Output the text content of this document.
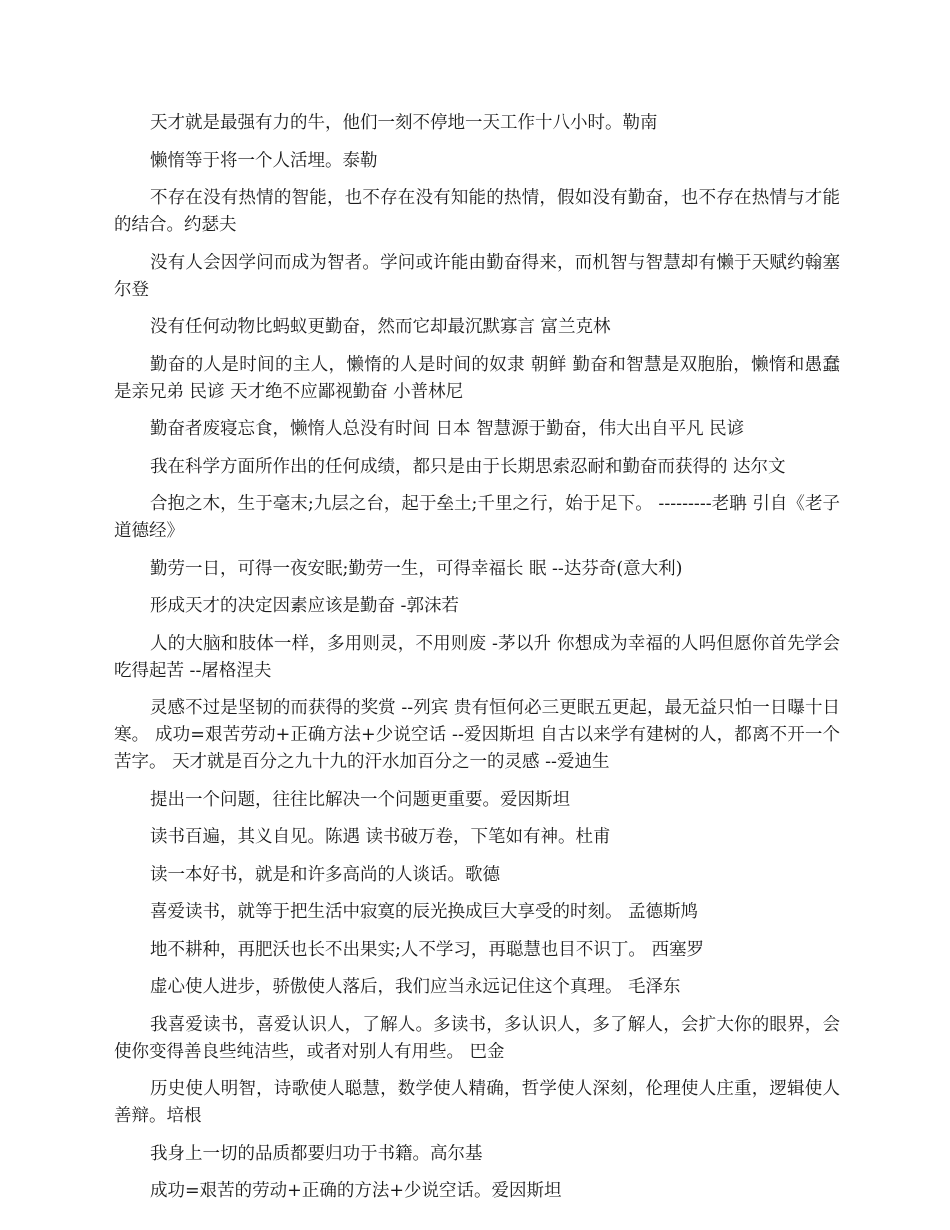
天才就是最强有力的牛，他们一刻不停地一天工作十八小时。勒南

懒惰等于将一个人活埋。泰勒

不存在没有热情的智能，也不存在没有知能的热情，假如没有勤奋，也不存在热情与才能的结合。约瑟夫

没有人会因学问而成为智者。学问或许能由勤奋得来，而机智与智慧却有懒于天赋约翰塞尔登

没有任何动物比蚂蚁更勤奋，然而它却最沉默寡言 富兰克林

勤奋的人是时间的主人，懒惰的人是时间的奴隶 朝鲜 勤奋和智慧是双胞胎，懒惰和愚蠢是亲兄弟 民谚 天才绝不应鄙视勤奋 小普林尼

勤奋者废寝忘食，懒惰人总没有时间 日本 智慧源于勤奋，伟大出自平凡 民谚

我在科学方面所作出的任何成绩，都只是由于长期思索忍耐和勤奋而获得的 达尔文

合抱之木，生于毫末;九层之台，起于垒土;千里之行，始于足下。 ---------老聃 引自《老子道德经》

勤劳一日，可得一夜安眠;勤劳一生，可得幸福长 眠 --达芬奇(意大利)

形成天才的决定因素应该是勤奋 -郭沫若

人的大脑和肢体一样，多用则灵，不用则废 -茅以升 你想成为幸福的人吗但愿你首先学会吃得起苦 --屠格涅夫

灵感不过是坚韧的而获得的奖赏 --列宾 贵有恒何必三更眠五更起，最无益只怕一日曝十日寒。 成功=艰苦劳动+正确方法+少说空话 --爱因斯坦 自古以来学有建树的人，都离不开一个苦字。 天才就是百分之九十九的汗水加百分之一的灵感 --爱迪生

提出一个问题，往往比解决一个问题更重要。爱因斯坦

读书百遍，其义自见。陈遇 读书破万卷，下笔如有神。杜甫

读一本好书，就是和许多高尚的人谈话。歌德

喜爱读书，就等于把生活中寂寞的辰光换成巨大享受的时刻。 孟德斯鸠

地不耕种，再肥沃也长不出果实;人不学习，再聪慧也目不识丁。 西塞罗

虚心使人进步，骄傲使人落后，我们应当永远记住这个真理。 毛泽东

我喜爱读书，喜爱认识人，了解人。多读书，多认识人，多了解人，会扩大你的眼界，会使你变得善良些纯洁些，或者对别人有用些。 巴金

历史使人明智，诗歌使人聪慧，数学使人精确，哲学使人深刻，伦理使人庄重，逻辑使人善辩。培根

我身上一切的品质都要归功于书籍。高尔基

成功=艰苦的劳动+正确的方法+少说空话。爱因斯坦
